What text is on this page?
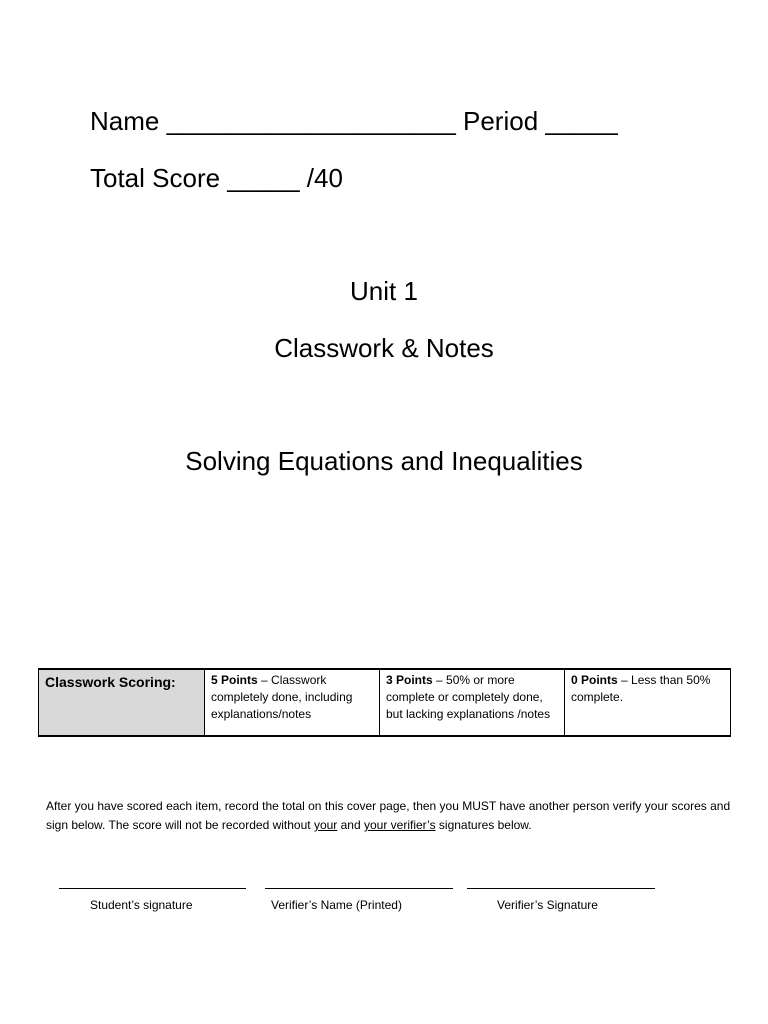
Name ____________________ Period _____
Total Score _____ /40
Unit 1
Classwork & Notes
Solving Equations and Inequalities
Classwork Scoring:	5 Points – Classwork completely done, including explanations/notes	3 Points – 50% or more complete or completely done, but lacking explanations /notes	0 Points – Less than 50% complete.
After you have scored each item, record the total on this cover page, then you MUST have another person verify your scores and sign below. The score will not be recorded without your and your verifier’s signatures below.
Student’s signature	Verifier’s Name (Printed)	Verifier’s Signature
